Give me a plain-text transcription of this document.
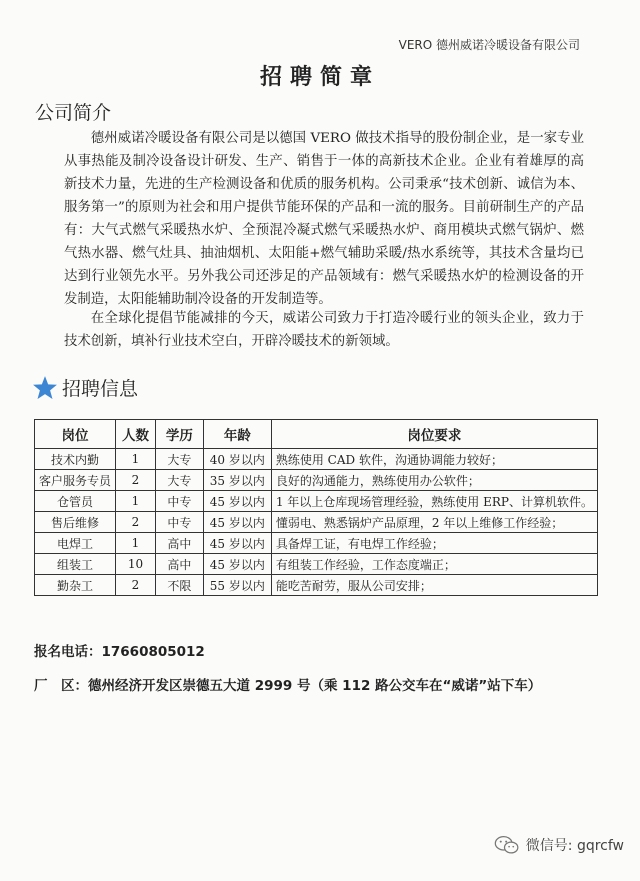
VERO 德州威诺冷暖设备有限公司
招聘简章
公司简介

德州威诺冷暖设备有限公司是以德国 VERO 做技术指导的股份制企业，是一家专业从事热能及制冷设备设计研发、生产、销售于一体的高新技术企业。企业有着雄厚的高新技术力量，先进的生产检测设备和优质的服务机构。公司秉承“技术创新、诚信为本、服务第一”的原则为社会和用户提供节能环保的产品和一流的服务。目前研制生产的产品有：大气式燃气采暖热水炉、全预混冷凝式燃气采暖热水炉、商用模块式燃气锅炉、燃气热水器、燃气灶具、抽油烟机、太阳能+燃气辅助采暖/热水系统等，其技术含量均已达到行业领先水平。另外我公司还涉足的产品领域有：燃气采暖热水炉的检测设备的开发制造，太阳能辅助制冷设备的开发制造等。

在全球化提倡节能减排的今天，威诺公司致力于打造冷暖行业的领头企业，致力于技术创新，填补行业技术空白，开辟冷暖技术的新领域。

招聘信息
岗位	人数	学历	年龄	岗位要求
技术内勤	1	大专	40 岁以内	熟练使用 CAD 软件，沟通协调能力较好；
客户服务专员	2	大专	35 岁以内	良好的沟通能力，熟练使用办公软件；
仓管员	1	中专	45 岁以内	1 年以上仓库现场管理经验，熟练使用 ERP、计算机软件。
售后维修	2	中专	45 岁以内	懂弱电、熟悉锅炉产品原理，2 年以上维修工作经验；
电焊工	1	高中	45 岁以内	具备焊工证，有电焊工作经验；
组装工	10	高中	45 岁以内	有组装工作经验，工作态度端正；
勤杂工	2	不限	55 岁以内	能吃苦耐劳，服从公司安排；
报名电话：17660805012
厂　区：德州经济开发区崇德五大道 2999 号（乘 112 路公交车在“威诺”站下车）
微信号: gqrcfw
